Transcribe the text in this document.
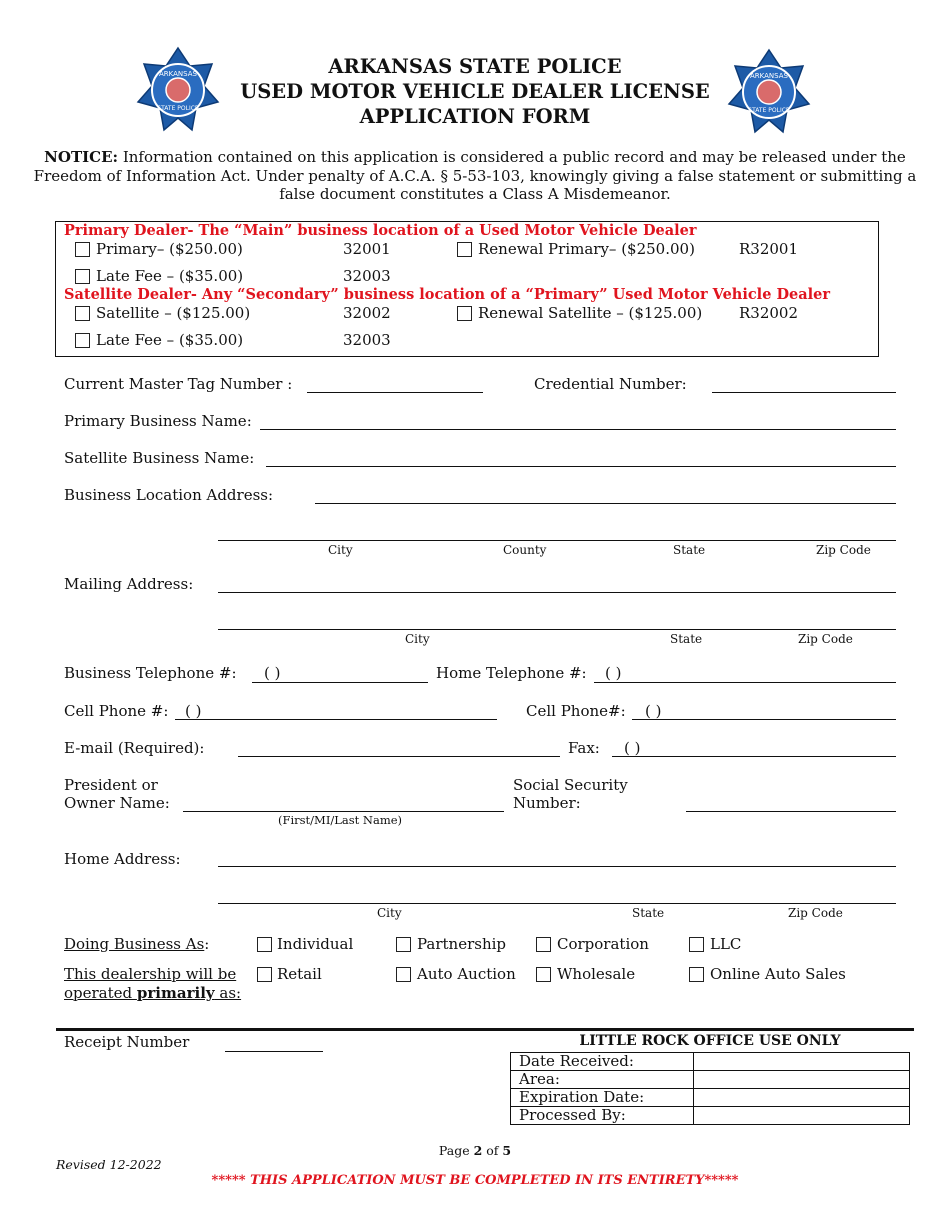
ARKANSAS
STATE POLICE
ARKANSAS
STATE POLICE
ARKANSAS STATE POLICE
USED MOTOR VEHICLE DEALER LICENSE
APPLICATION FORM
NOTICE: Information contained on this application is considered a public record and may be released under the Freedom of Information Act. Under penalty of A.C.A. § 5-53-103, knowingly giving a false statement or submitting a false document constitutes a Class A Misdemeanor.
Primary Dealer- The “Main” business location of a Used Motor Vehicle Dealer
Primary– ($250.00)	32001	Renewal Primary– ($250.00)	R32001
Late Fee – ($35.00)	32003
Satellite Dealer- Any “Secondary” business location of a “Primary” Used Motor Vehicle Dealer
Satellite – ($125.00)	32002	Renewal Satellite – ($125.00) R32002
Late Fee – ($35.00)	32003
Current Master Tag Number :	Credential Number:
Primary Business Name:
Satellite Business Name:
Business Location Address:
City	County	State	Zip Code
Mailing Address:
City	State	Zip Code
Business Telephone #: ( )	Home Telephone #: ( )
Cell Phone #: ( )	Cell Phone#: ( )
E-mail (Required):	Fax: ( )
President or
Owner Name:
(First/MI/Last Name)
Social Security
Number:
Home Address:
City	State	Zip Code
Doing Business As:	Individual	Partnership	Corporation	LLC
This dealership will be
operated primarily as:
Retail	Auto Auction	Wholesale	Online Auto Sales
Receipt Number	LITTLE ROCK OFFICE USE ONLY
Date Received:	
Area:	
Expiration Date:	
Processed By:	
Page 2 of 5
Revised 12-2022
***** THIS APPLICATION MUST BE COMPLETED IN ITS ENTIRETY*****
